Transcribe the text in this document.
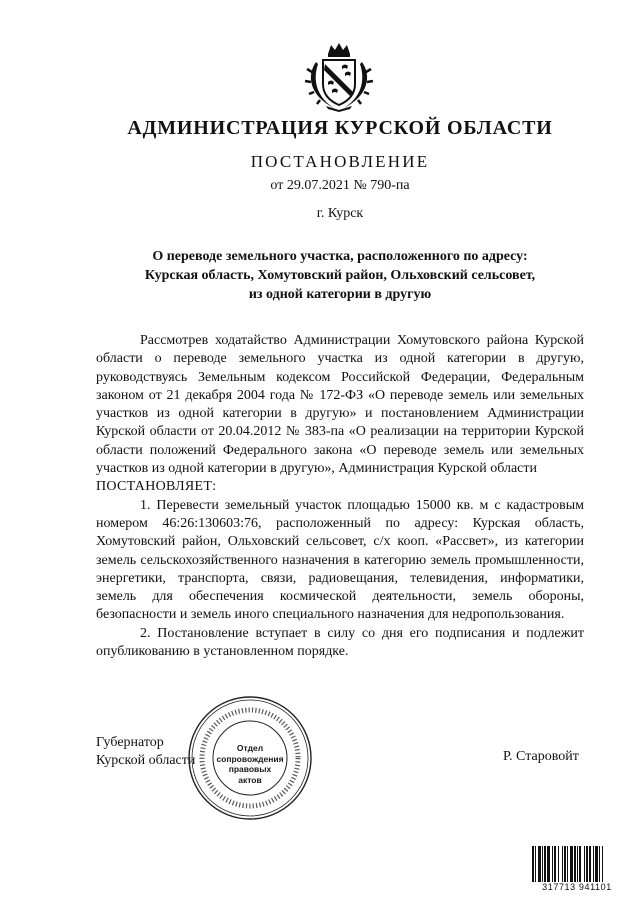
АДМИНИСТРАЦИЯ КУРСКОЙ ОБЛАСТИ
ПОСТАНОВЛЕНИЕ
от 29.07.2021 № 790-па
г. Курск
О переводе земельного участка, расположенного по адресу:
Курская область, Хомутовский район, Ольховский сельсовет,
из одной категории в другую

Рассмотрев ходатайство Администрации Хомутовского района Курской области о переводе земельного участка из одной категории в другую, руководствуясь Земельным кодексом Российской Федерации, Федеральным законом от 21 декабря 2004 года № 172-ФЗ «О переводе земель или земельных участков из одной категории в другую» и постановлением Администрации Курской области от 20.04.2012 № 383-па «О реализации на территории Курской области положений Федерального закона «О переводе земель или земельных участков из одной категории в другую», Администрация Курской области

ПОСТАНОВЛЯЕТ:

1. Перевести земельный участок площадью 15000 кв. м с кадастровым номером 46:26:130603:76, расположенный по адресу: Курская область, Хомутовский район, Ольховский сельсовет, с/х кооп. «Рассвет», из категории земель сельскохозяйственного назначения в категорию земель промышленности, энергетики, транспорта, связи, радиовещания, телевидения, информатики, земель для обеспечения космической деятельности, земель обороны, безопасности и земель иного специального назначения для недропользования.

2. Постановление вступает в силу со дня его подписания и подлежит опубликованию в установленном порядке.

Губернатор
Курской области	Р. Старовойт
Отдел
сопровождения
правовых
актов
317713 941101
